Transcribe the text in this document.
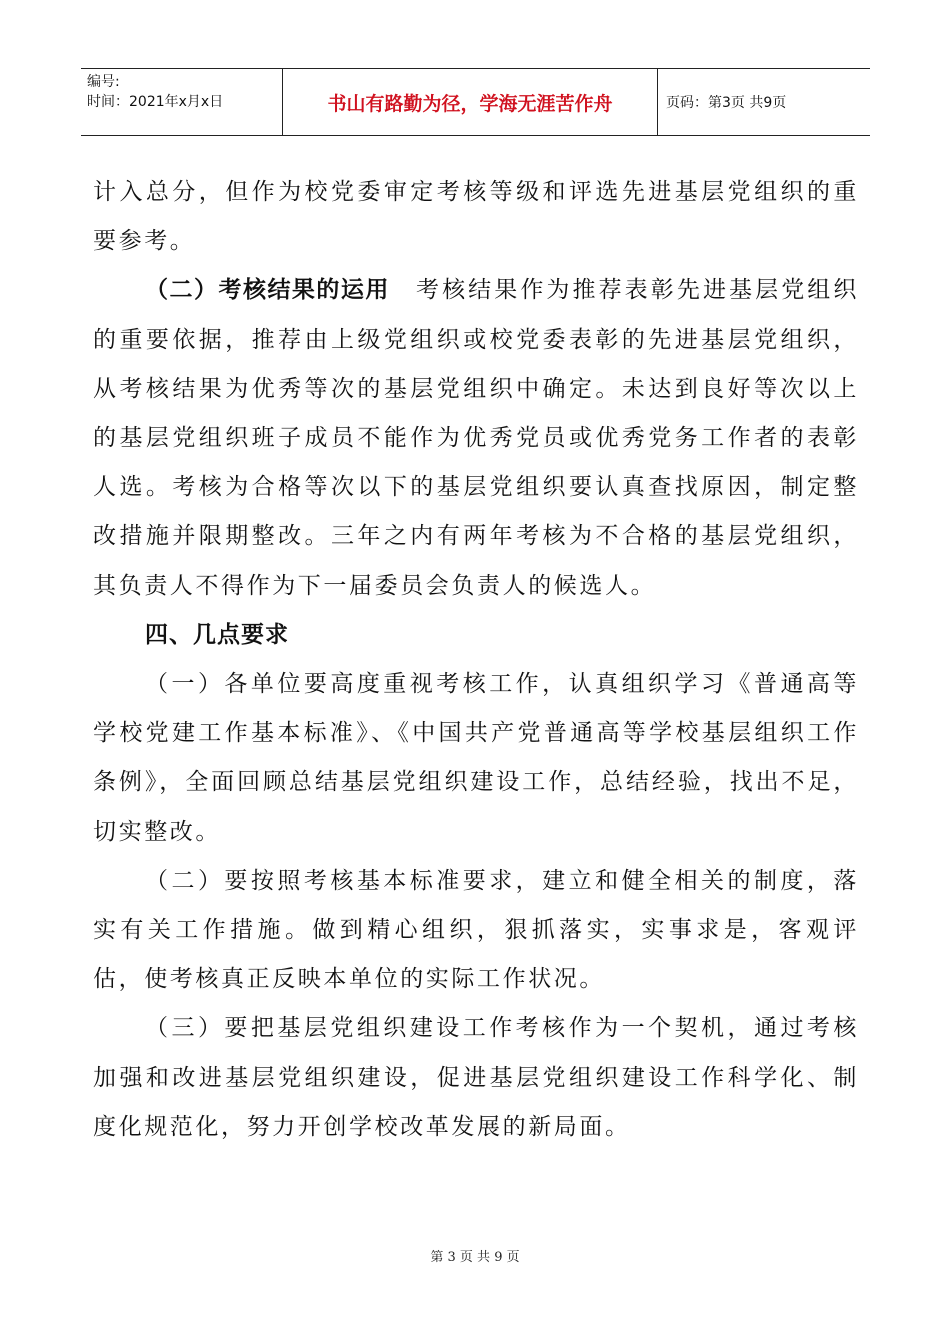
编号:
时间：2021年x月x日	书山有路勤为径，学海无涯苦作舟	页码：第3页 共9页

计入总分，但作为校党委审定考核等级和评选先进基层党组织的重要参考。

（二）考核结果的运用　考核结果作为推荐表彰先进基层党组织的重要依据，推荐由上级党组织或校党委表彰的先进基层党组织，从考核结果为优秀等次的基层党组织中确定。未达到良好等次以上的基层党组织班子成员不能作为优秀党员或优秀党务工作者的表彰人选。考核为合格等次以下的基层党组织要认真查找原因，制定整改措施并限期整改。三年之内有两年考核为不合格的基层党组织，其负责人不得作为下一届委员会负责人的候选人。

四、几点要求

（一）各单位要高度重视考核工作，认真组织学习《普通高等学校党建工作基本标准》、《中国共产党普通高等学校基层组织工作条例》，全面回顾总结基层党组织建设工作，总结经验，找出不足，切实整改。

（二）要按照考核基本标准要求，建立和健全相关的制度，落实有关工作措施。做到精心组织，狠抓落实，实事求是，客观评估，使考核真正反映本单位的实际工作状况。

（三）要把基层党组织建设工作考核作为一个契机，通过考核加强和改进基层党组织建设，促进基层党组织建设工作科学化、制度化规范化，努力开创学校改革发展的新局面。

第 3 页 共 9 页
